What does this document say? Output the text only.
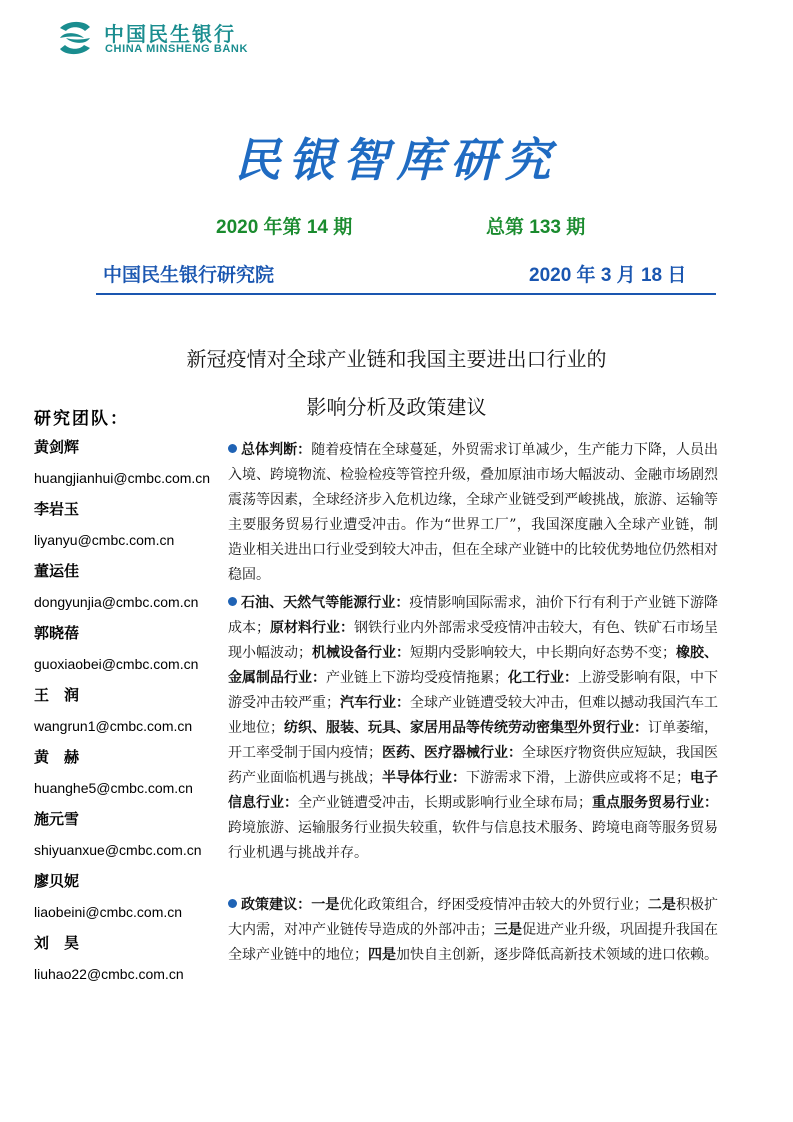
中国民生银行
CHINA MINSHENG BANK
民银智库研究
2020 年第 14 期	总第 133 期
中国民生银行研究院	2020 年 3 月 18 日
新冠疫情对全球产业链和我国主要进出口行业的
影响分析及政策建议
研究团队：
黄剑辉
huangjianhui@cmbc.com.cn
李岩玉
liyanyu@cmbc.com.cn
董运佳
dongyunjia@cmbc.com.cn
郭晓蓓
guoxiaobei@cmbc.com.cn
王　润
wangrun1@cmbc.com.cn
黄　赫
huanghe5@cmbc.com.cn
施元雪
shiyuanxue@cmbc.com.cn
廖贝妮
liaobeini@cmbc.com.cn
刘　昊
liuhao22@cmbc.com.cn
总体判断：随着疫情在全球蔓延，外贸需求订单减少，生产能力下降，人员出入境、跨境物流、检验检疫等管控升级，叠加原油市场大幅波动、金融市场剧烈震荡等因素，全球经济步入危机边缘，全球产业链受到严峻挑战，旅游、运输等主要服务贸易行业遭受冲击。作为“世界工厂”，我国深度融入全球产业链，制造业相关进出口行业受到较大冲击，但在全球产业链中的比较优势地位仍然相对稳固。
石油、天然气等能源行业：疫情影响国际需求，油价下行有利于产业链下游降成本；原材料行业：钢铁行业内外部需求受疫情冲击较大，有色、铁矿石市场呈现小幅波动；机械设备行业：短期内受影响较大，中长期向好态势不变；橡胶、金属制品行业：产业链上下游均受疫情拖累；化工行业：上游受影响有限，中下游受冲击较严重；汽车行业：全球产业链遭受较大冲击，但难以撼动我国汽车工业地位；纺织、服装、玩具、家居用品等传统劳动密集型外贸行业：订单萎缩，开工率受制于国内疫情；医药、医疗器械行业：全球医疗物资供应短缺，我国医药产业面临机遇与挑战；半导体行业：下游需求下滑，上游供应或将不足；电子信息行业：全产业链遭受冲击，长期或影响行业全球布局；重点服务贸易行业：跨境旅游、运输服务行业损失较重，软件与信息技术服务、跨境电商等服务贸易行业机遇与挑战并存。
政策建议：一是优化政策组合，纾困受疫情冲击较大的外贸行业；二是积极扩大内需，对冲产业链传导造成的外部冲击；三是促进产业升级，巩固提升我国在全球产业链中的地位；四是加快自主创新，逐步降低高新技术领域的进口依赖。
